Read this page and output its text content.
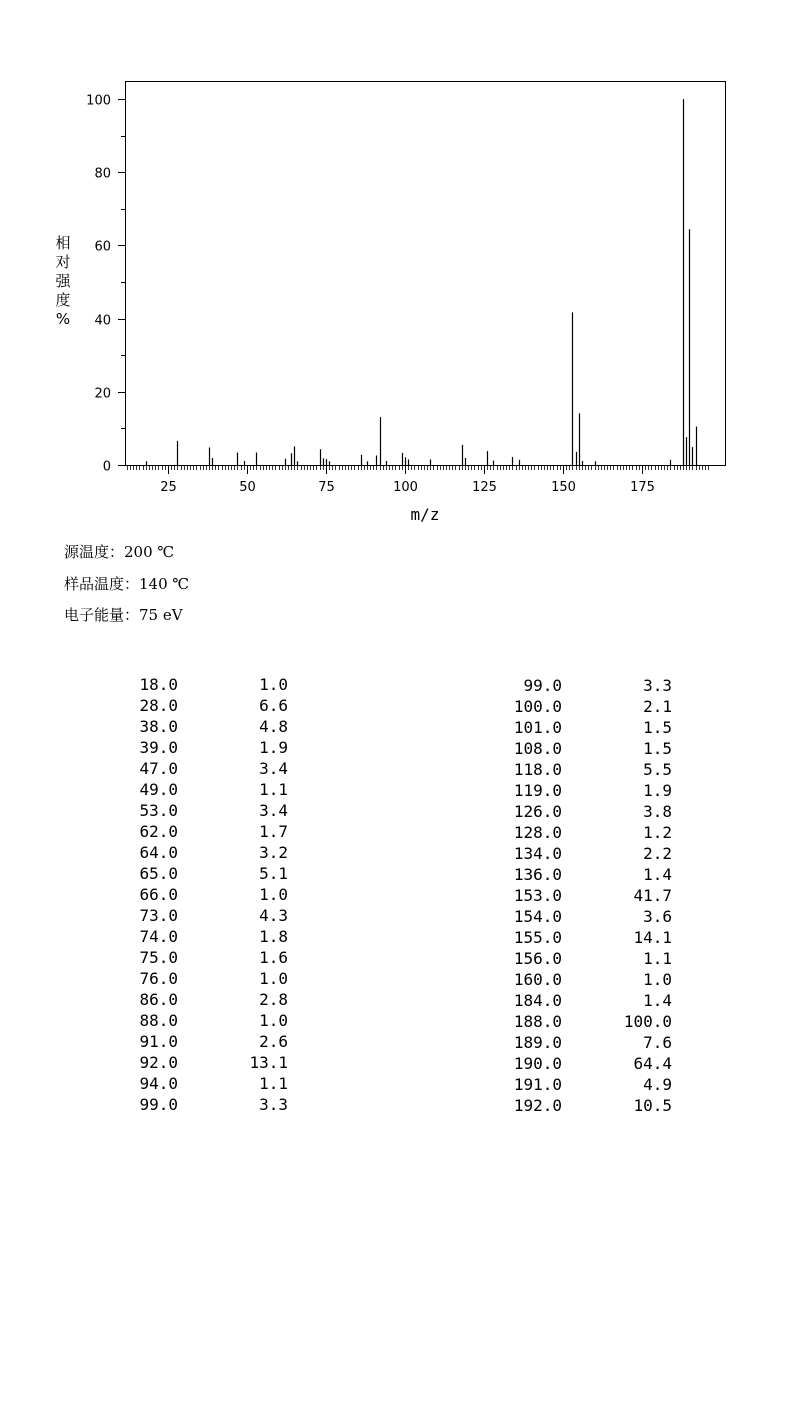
25	50	75	100	125	150	175
0
20
40
60
80
100
m/z
相
对
强
度
%
源温度：200 ℃
样品温度：140 ℃
电子能量：75 eV
18.0	1.0
28.0	6.6
38.0	4.8
39.0	1.9
47.0	3.4
49.0	1.1
53.0	3.4
62.0	1.7
64.0	3.2
65.0	5.1
66.0	1.0
73.0	4.3
74.0	1.8
75.0	1.6
76.0	1.0
86.0	2.8
88.0	1.0
91.0	2.6
92.0	13.1
94.0	1.1
99.0	3.3
99.0	3.3
100.0	2.1
101.0	1.5
108.0	1.5
118.0	5.5
119.0	1.9
126.0	3.8
128.0	1.2
134.0	2.2
136.0	1.4
153.0	41.7
154.0	3.6
155.0	14.1
156.0	1.1
160.0	1.0
184.0	1.4
188.0	100.0
189.0	7.6
190.0	64.4
191.0	4.9
192.0	10.5
